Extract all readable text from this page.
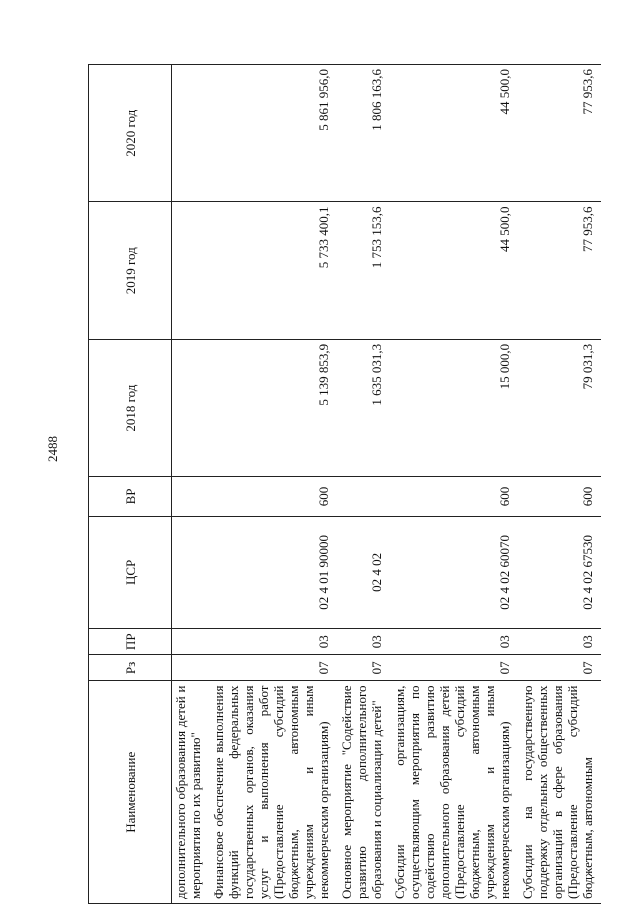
2488
Наименование	Рз	ПР	ЦСР	ВР	2018 год	2019 год	2020 год
дополнительного образования детей и мероприятия по их развитию"							
Финансовое обеспечение выполнения функций федеральных государственных органов, оказания услуг и выполнения работ (Предоставление субсидий бюджетным, автономным учреждениям и иным некоммерческим организациям)	07	03	02 4 01 90000	600	5 139 853,9	5 733 400,1	5 861 956,0
Основное мероприятие "Содействие развитию дополнительного образования и социализации детей"	07	03	02 4 02		1 635 031,3	1 753 153,6	1 806 163,6
Субсидии организациям, осуществляющим мероприятия по содействию развитию дополнительного образования детей (Предоставление субсидий бюджетным, автономным учреждениям и иным некоммерческим организациям)	07	03	02 4 02 60070	600	15 000,0	44 500,0	44 500,0
Субсидии на государственную поддержку отдельных общественных организаций в сфере образования (Предоставление субсидий бюджетным, автономным	07	03	02 4 02 67530	600	79 031,3	77 953,6	77 953,6
